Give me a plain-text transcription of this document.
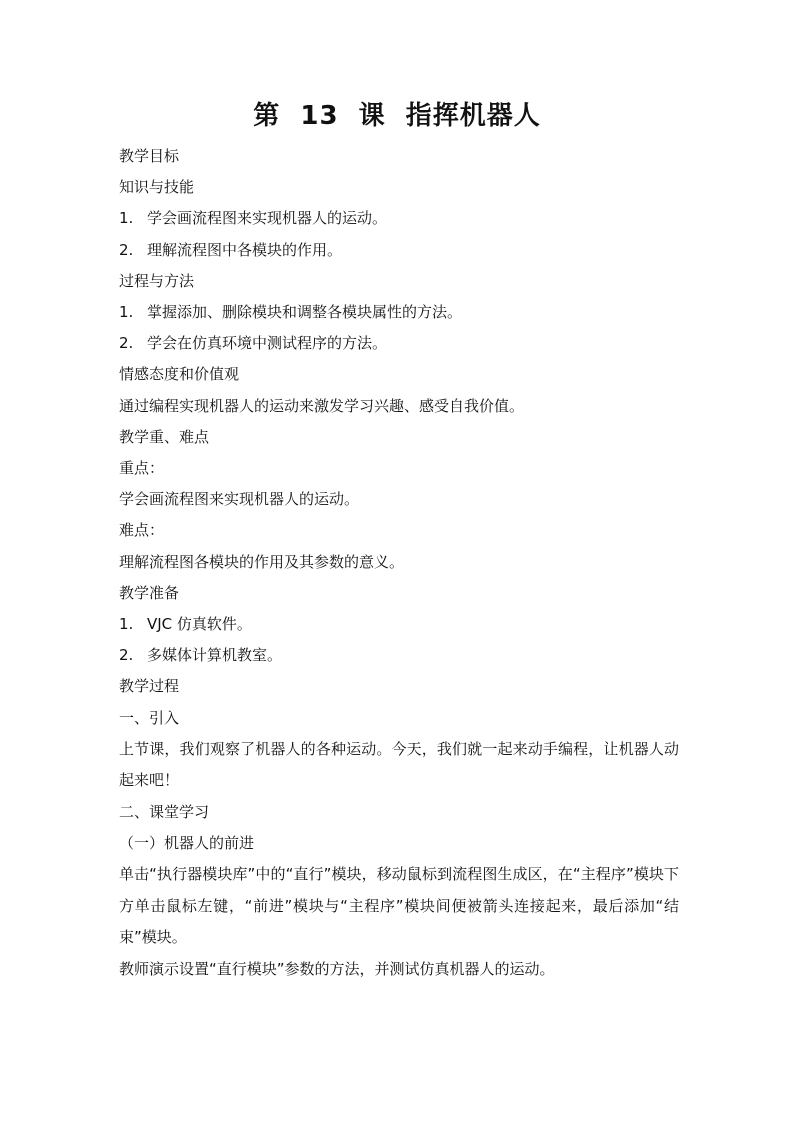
第  13  课  指挥机器人
教学目标
知识与技能
1. 学会画流程图来实现机器人的运动。
2. 理解流程图中各模块的作用。
过程与方法
1. 掌握添加、删除模块和调整各模块属性的方法。
2. 学会在仿真环境中测试程序的方法。
情感态度和价值观
通过编程实现机器人的运动来激发学习兴趣、感受自我价值。
教学重、难点
重点：
学会画流程图来实现机器人的运动。
难点：
理解流程图各模块的作用及其参数的意义。
教学准备
1. VJC 仿真软件。
2. 多媒体计算机教室。
教学过程
一、引入
上节课，我们观察了机器人的各种运动。今天，我们就一起来动手编程，让机器人动起来吧！
二、课堂学习
（一）机器人的前进
单击“执行器模块库”中的“直行”模块，移动鼠标到流程图生成区，在“主程序”模块下方单击鼠标左键，“前进”模块与“主程序”模块间便被箭头连接起来，最后添加“结束”模块。
教师演示设置“直行模块”参数的方法，并测试仿真机器人的运动。
